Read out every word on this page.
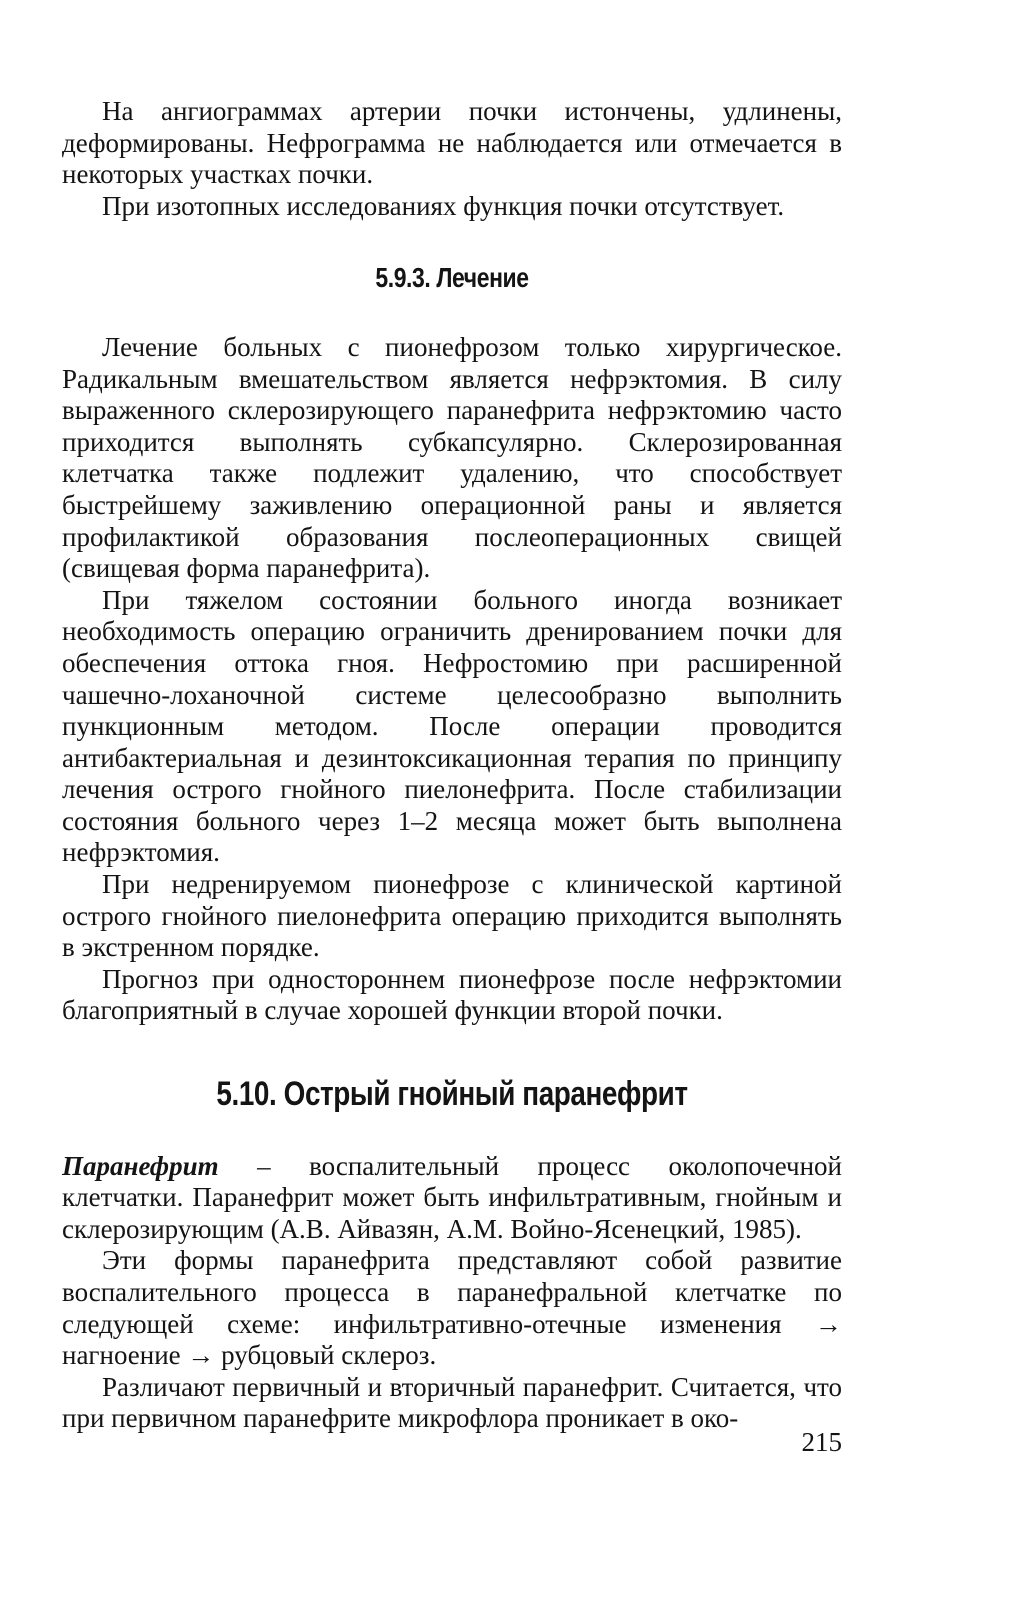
На ангиограммах артерии почки истончены, удлинены, деформированы. Нефрограмма не наблюдается или отмечается в некоторых участках почки.

При изотопных исследованиях функция почки отсутствует.

5.9.3. Лечение

Лечение больных с пионефрозом только хирургическое. Радикальным вмешательством является нефрэктомия. В силу выраженного склерозирующего паранефрита нефрэктомию часто приходится выполнять субкапсулярно. Склерозированная клетчатка также подлежит удалению, что способствует быстрейшему заживлению операционной раны и является профилактикой образования послеоперационных свищей (свищевая форма паранефрита).

При тяжелом состоянии больного иногда возникает необходимость операцию ограничить дренированием почки для обеспечения оттока гноя. Нефростомию при расширенной чашечно-лоханочной системе целесообразно выполнить пункционным методом. После операции проводится антибактериальная и дезинтоксикационная терапия по принципу лечения острого гнойного пиелонефрита. После стабилизации состояния больного через 1–2 месяца может быть выполнена нефрэктомия.

При недренируемом пионефрозе с клинической картиной острого гнойного пиелонефрита операцию приходится выполнять в экстренном порядке.

Прогноз при одностороннем пионефрозе после нефрэктомии благоприятный в случае хорошей функции второй почки.

5.10. Острый гнойный паранефрит

Паранефрит – воспалительный процесс околопочечной клетчатки. Паранефрит может быть инфильтративным, гнойным и склерозирующим (А.В. Айвазян, А.М. Войно-Ясенецкий, 1985).

Эти формы паранефрита представляют собой развитие воспалительного процесса в паранефральной клетчатке по следующей схеме: инфильтративно-отечные изменения → нагноение → рубцовый склероз.

Различают первичный и вторичный паранефрит. Считается, что при первичном паранефрите микрофлора проникает в око-

215
